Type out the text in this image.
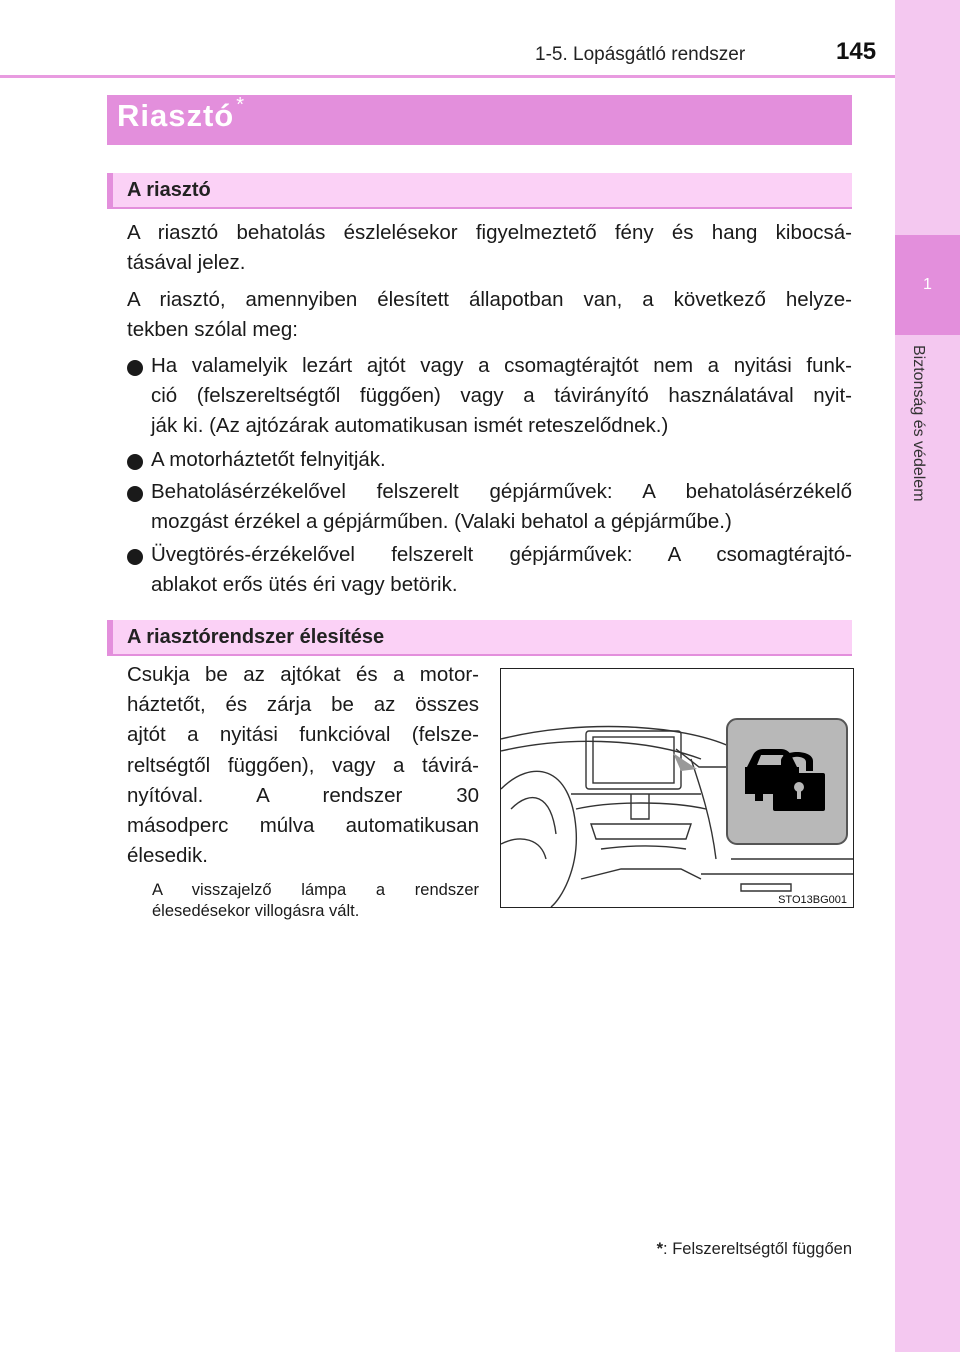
1-5. Lopásgátló rendszer	145
1
Biztonság és védelem
Riasztó *
A riasztó
A riasztó behatolás észlelésekor figyelmeztető fény és hang kibocsá-
tásával jelez.
A riasztó, amennyiben élesített állapotban van, a következő helyze-
tekben szólal meg:
Ha valamelyik lezárt ajtót vagy a csomagtérajtót nem a nyitási funk-
ció (felszereltségtől függően) vagy a távirányító használatával nyit-
ják ki. (Az ajtózárak automatikusan ismét reteszelődnek.)
A motorháztetőt felnyitják.
Behatolásérzékelővel felszerelt gépjárművek: A behatolásérzékelő
mozgást érzékel a gépjárműben. (Valaki behatol a gépjárműbe.)
Üvegtörés-érzékelővel felszerelt gépjárművek: A csomagtérajtó-
ablakot erős ütés éri vagy betörik.
A riasztórendszer élesítése
Csukja be az ajtókat és a motor-
háztetőt, és zárja be az összes
ajtót a nyitási funkcióval (felsze-
reltségtől függően), vagy a távirá-
nyítóval. A rendszer 30
másodperc múlva automatikusan
élesedik.
A visszajelző lámpa a rendszer
élesedésekor villogásra vált.
STO13BG001
*: Felszereltségtől függően
